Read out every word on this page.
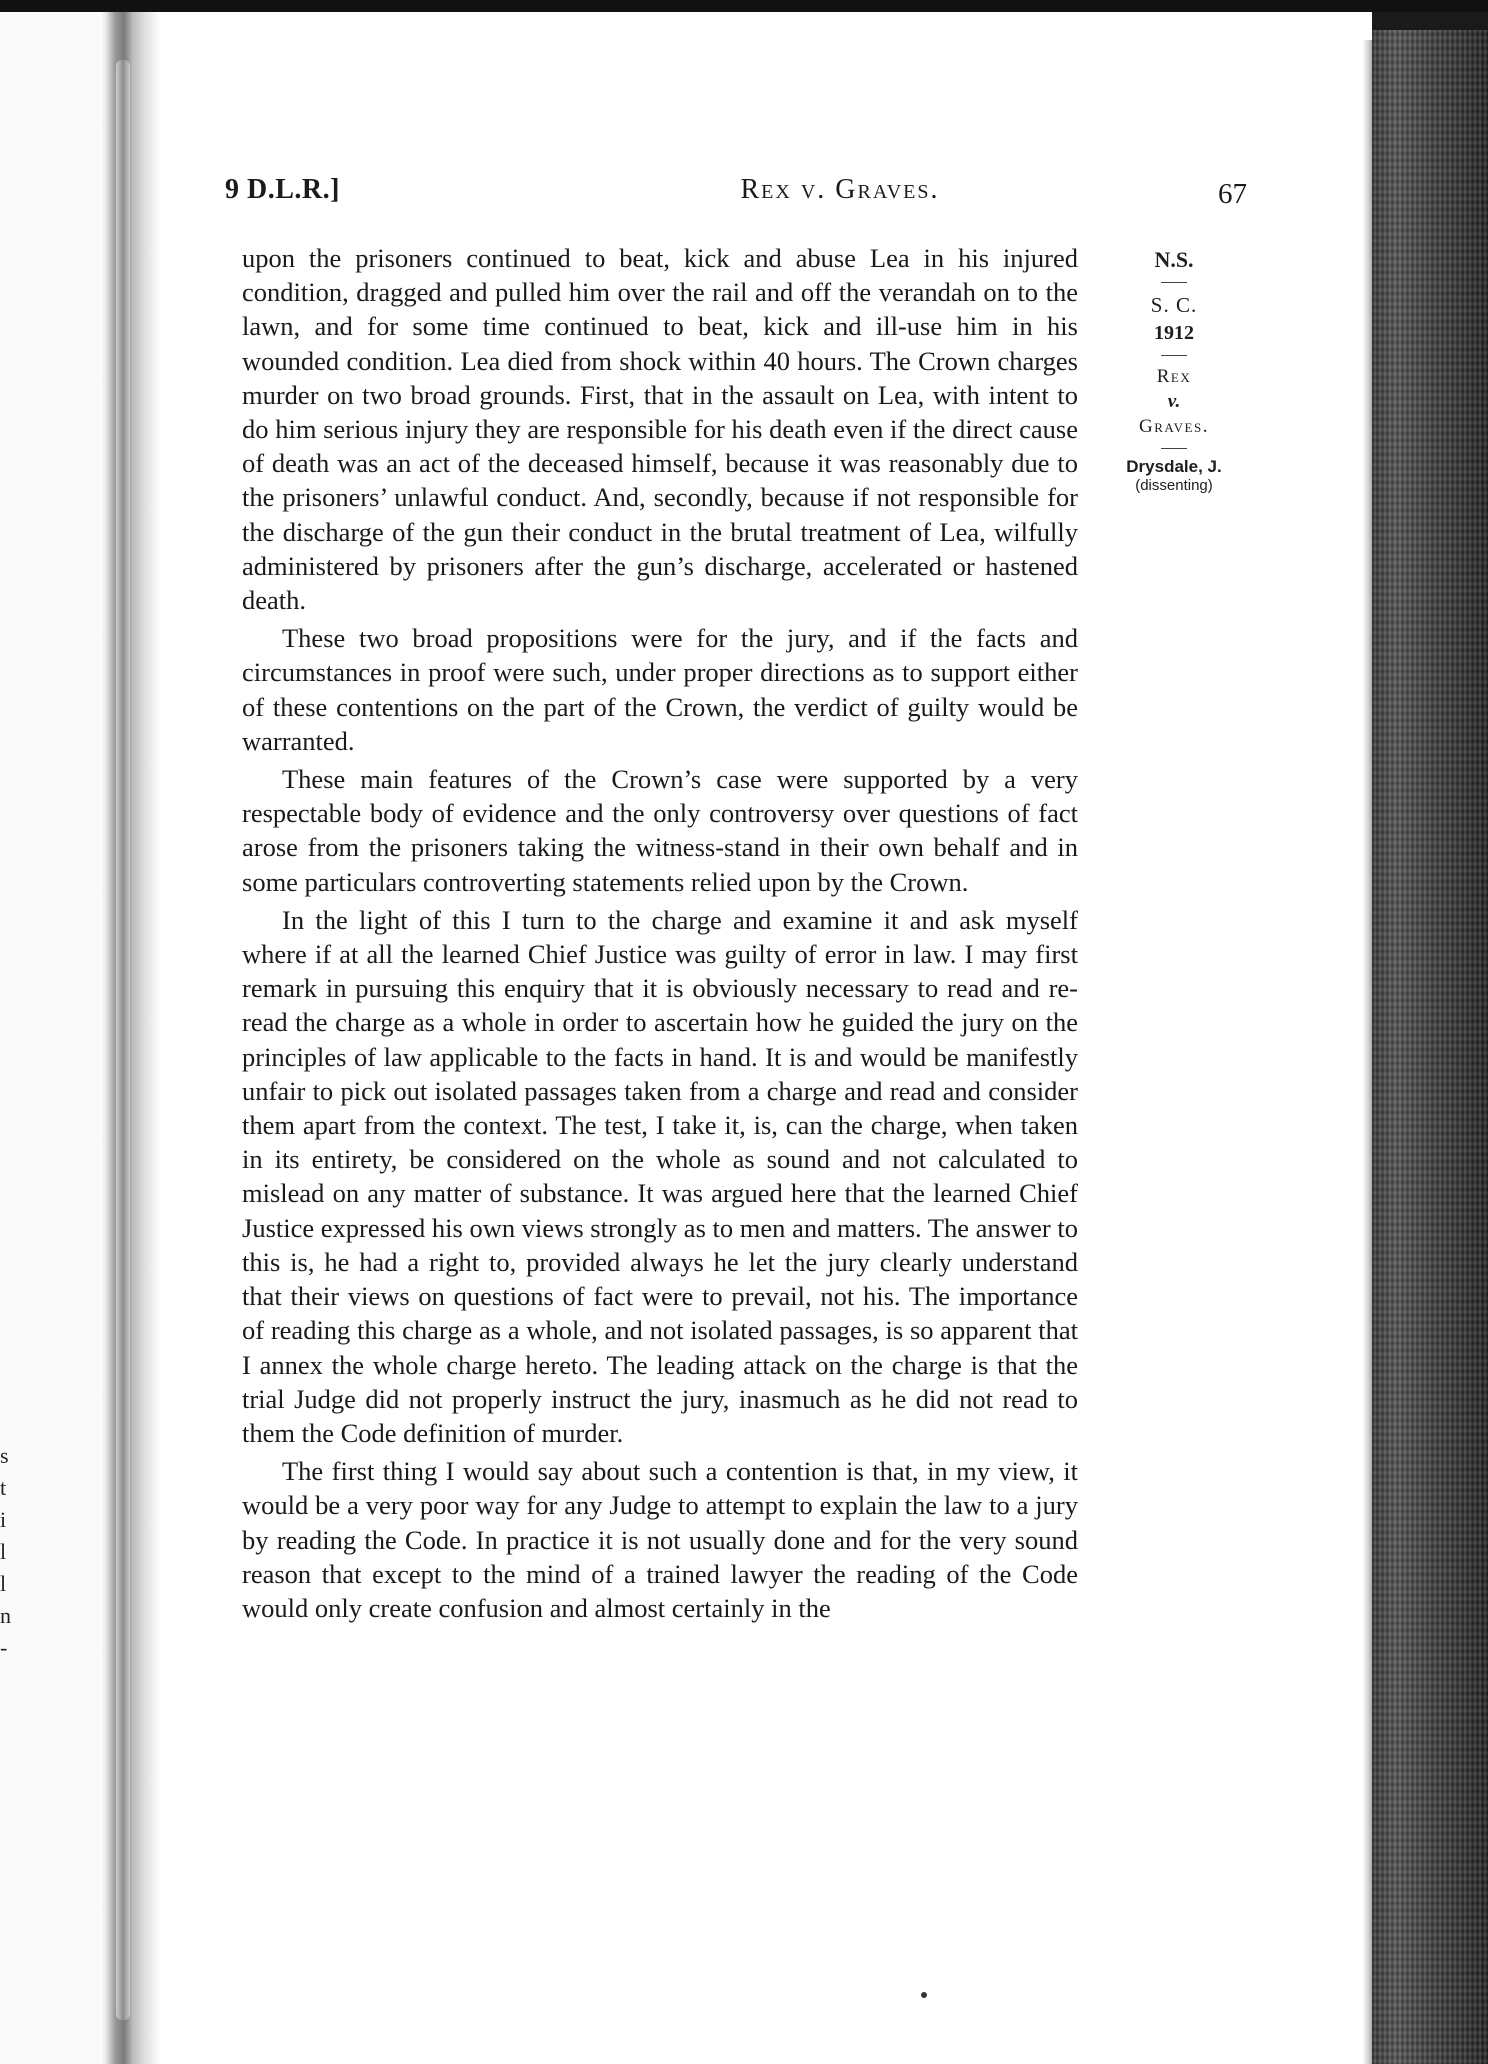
s
t
i
l
l
n
-
9 D.L.R.]	Rex v. Graves.	67
N.S.
S. C.
1912
Rex
v.
Graves.
Drysdale, J.
(dissenting)

upon the prisoners continued to beat, kick and abuse Lea in his injured condition, dragged and pulled him over the rail and off the verandah on to the lawn, and for some time continued to beat, kick and ill-use him in his wounded condition. Lea died from shock within 40 hours. The Crown charges murder on two broad grounds. First, that in the assault on Lea, with intent to do him serious injury they are responsible for his death even if the direct cause of death was an act of the deceased himself, because it was reasonably due to the prisoners’ unlawful conduct. And, secondly, because if not responsible for the discharge of the gun their conduct in the brutal treatment of Lea, wilfully administered by prisoners after the gun’s discharge, accelerated or hastened death.

These two broad propositions were for the jury, and if the facts and circumstances in proof were such, under proper directions as to support either of these contentions on the part of the Crown, the verdict of guilty would be warranted.

These main features of the Crown’s case were supported by a very respectable body of evidence and the only controversy over questions of fact arose from the prisoners taking the witness-stand in their own behalf and in some particulars controverting statements relied upon by the Crown.

In the light of this I turn to the charge and examine it and ask myself where if at all the learned Chief Justice was guilty of error in law. I may first remark in pursuing this enquiry that it is obviously necessary to read and re-read the charge as a whole in order to ascertain how he guided the jury on the principles of law applicable to the facts in hand. It is and would be manifestly unfair to pick out isolated passages taken from a charge and read and consider them apart from the context. The test, I take it, is, can the charge, when taken in its entirety, be considered on the whole as sound and not calculated to mislead on any matter of substance. It was argued here that the learned Chief Justice expressed his own views strongly as to men and matters. The answer to this is, he had a right to, provided always he let the jury clearly understand that their views on questions of fact were to prevail, not his. The importance of reading this charge as a whole, and not isolated passages, is so apparent that I annex the whole charge hereto. The leading attack on the charge is that the trial Judge did not properly instruct the jury, inasmuch as he did not read to them the Code definition of murder.

The first thing I would say about such a contention is that, in my view, it would be a very poor way for any Judge to attempt to explain the law to a jury by reading the Code. In practice it is not usually done and for the very sound reason that except to the mind of a trained lawyer the reading of the Code would only create confusion and almost certainly in the
